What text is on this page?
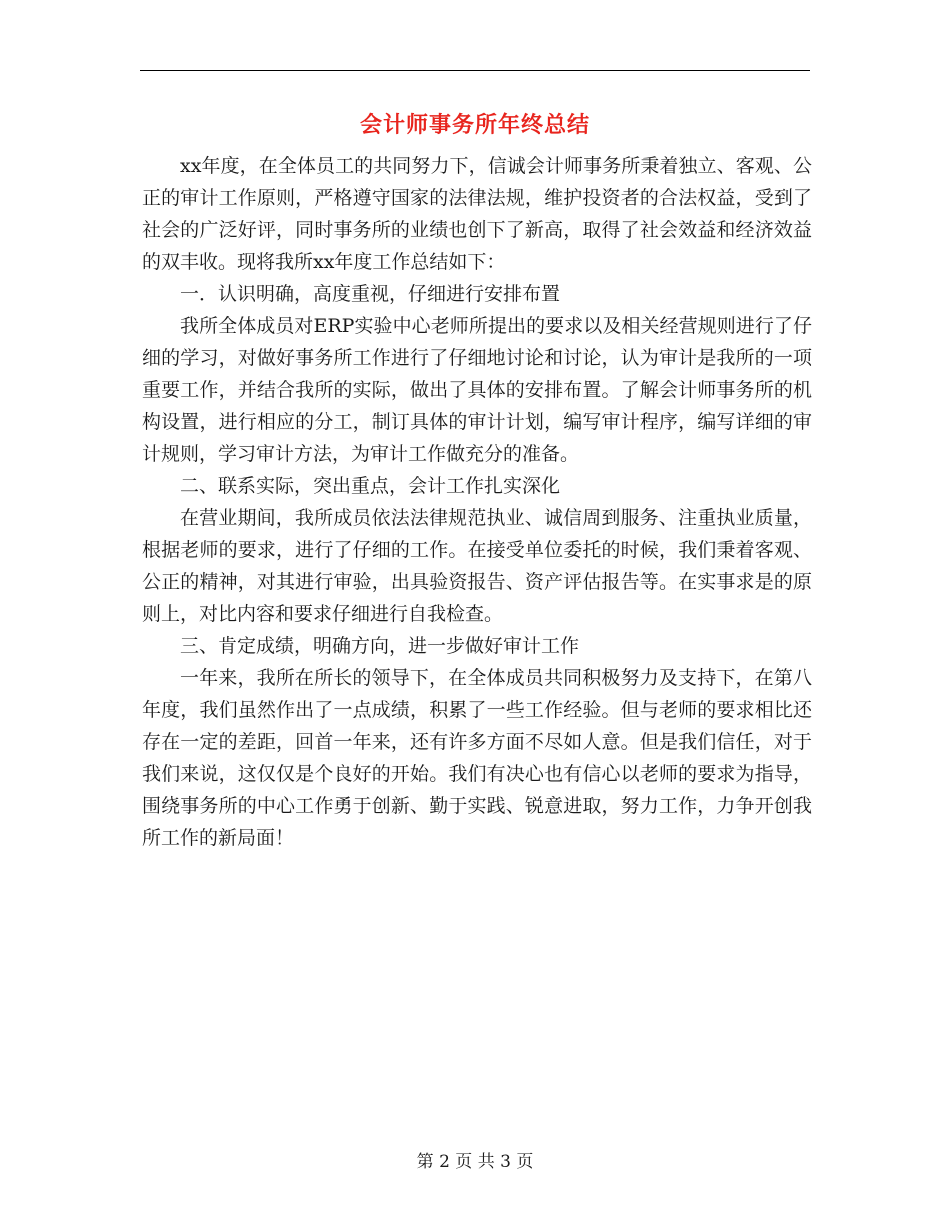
会计师事务所年终总结

xx年度，在全体员工的共同努力下，信诚会计师事务所秉着独立、客观、公正的审计工作原则，严格遵守国家的法律法规，维护投资者的合法权益，受到了社会的广泛好评，同时事务所的业绩也创下了新高，取得了社会效益和经济效益的双丰收。现将我所xx年度工作总结如下：

一．认识明确，高度重视，仔细进行安排布置

我所全体成员对ERP实验中心老师所提出的要求以及相关经营规则进行了仔细的学习，对做好事务所工作进行了仔细地讨论和讨论，认为审计是我所的一项重要工作，并结合我所的实际，做出了具体的安排布置。了解会计师事务所的机构设置，进行相应的分工，制订具体的审计计划，编写审计程序，编写详细的审计规则，学习审计方法，为审计工作做充分的准备。

二、联系实际，突出重点，会计工作扎实深化

在营业期间，我所成员依法法律规范执业、诚信周到服务、注重执业质量，根据老师的要求，进行了仔细的工作。在接受单位委托的时候，我们秉着客观、公正的精神，对其进行审验，出具验资报告、资产评估报告等。在实事求是的原则上，对比内容和要求仔细进行自我检查。

三、肯定成绩，明确方向，进一步做好审计工作

一年来，我所在所长的领导下，在全体成员共同积极努力及支持下，在第八年度，我们虽然作出了一点成绩，积累了一些工作经验。但与老师的要求相比还存在一定的差距，回首一年来，还有许多方面不尽如人意。但是我们信任，对于我们来说，这仅仅是个良好的开始。我们有决心也有信心以老师的要求为指导，围绕事务所的中心工作勇于创新、勤于实践、锐意进取，努力工作，力争开创我所工作的新局面！

第 2 页 共 3 页
